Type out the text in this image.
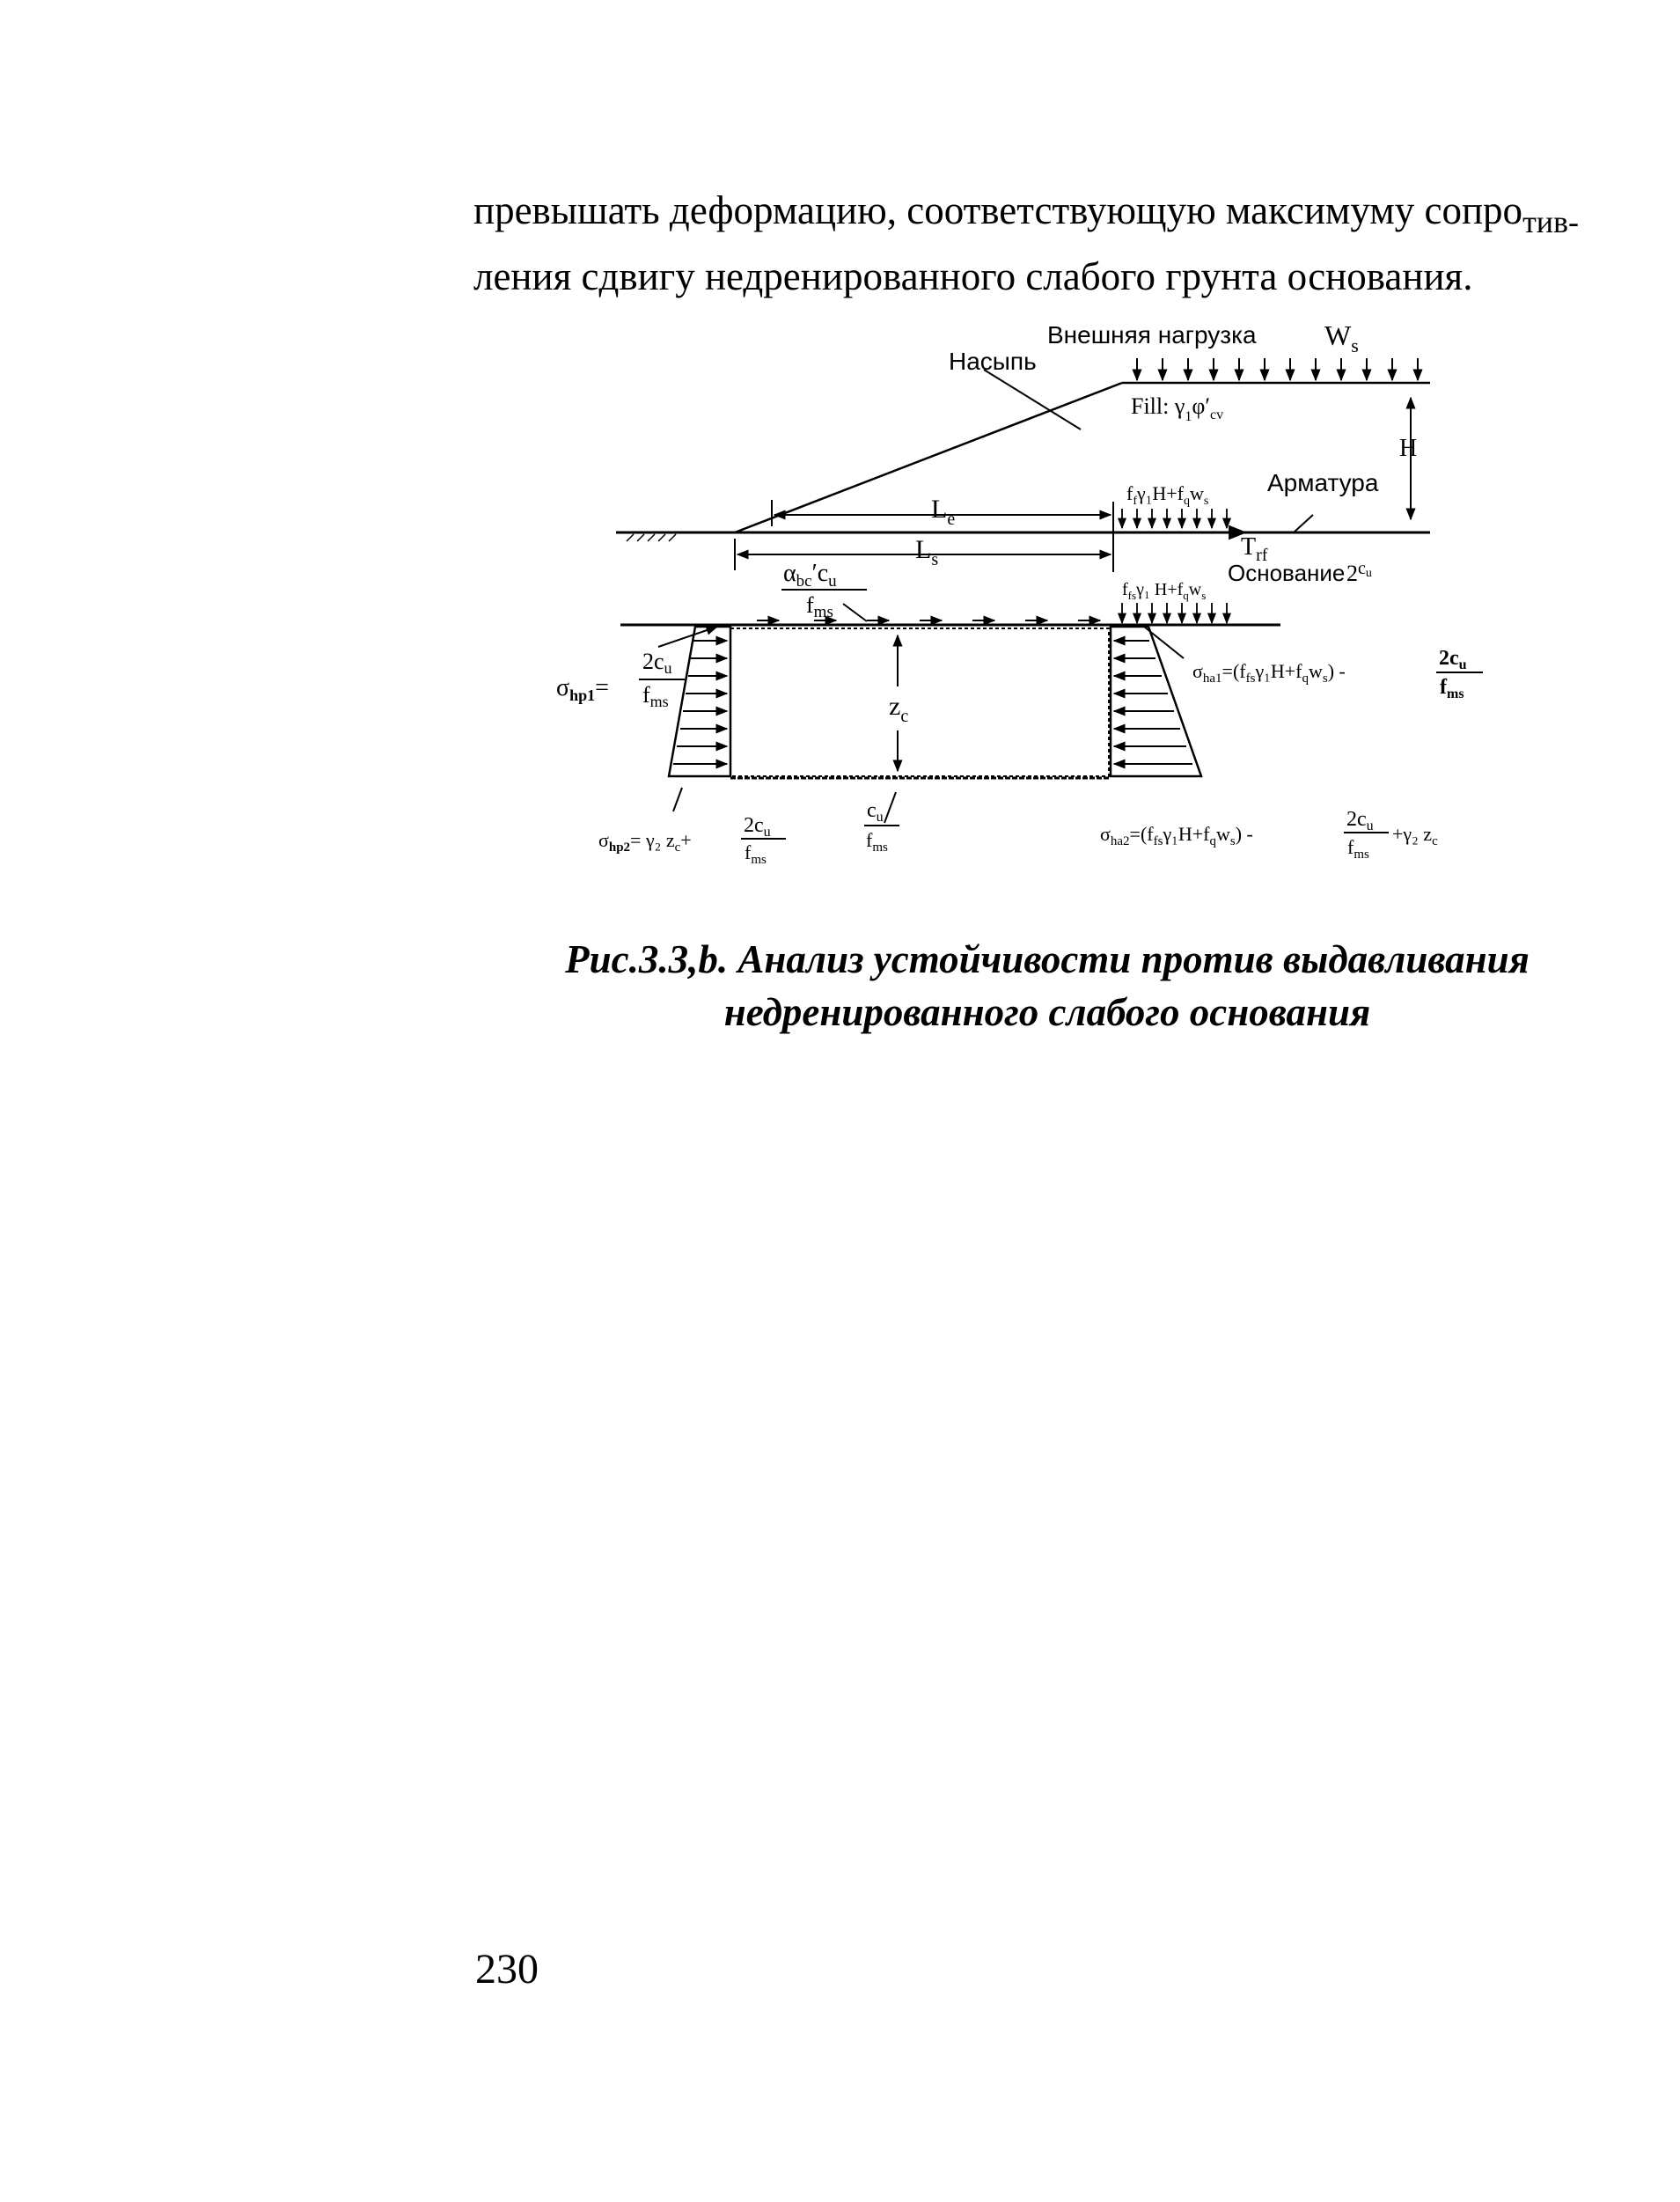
превышать деформацию, соответствующую максимуму сопро$_{тив-}$
ления сдвигу недренированного слабого грунта основания.

Внешняя нагрузка $W_s$
Насыпь
Fill: $\gamma_1\varphi'_{cv}$
H
Арматура
$L_e$
$L_s$
$f_f\gamma_1H+f_qw_s$
$T_{rf}$
Основание 2$^c$u
$f_{fs}\gamma_1$ $H+f_qw_s$
$\alpha_{bc}'c_u$
fms
$z_c$
$\sigma_{hp1}=$
2cu
fms
$\sigma_{ha1}=(f_{fs}\gamma_1H+f_qw_s)$ -
$2c_u$
$f_{ms}$
$\sigma_{hp2}= \gamma_2$ $z_c+$
$2c_u$
$f_{ms}$
$c_u$
$f_{ms}$
$\sigma_{ha2}=(f_{fs}\gamma_1H+f_qw_s)$ -
$2c_u$
$f_{ms}$
+γ₂ $z_c$

Рис.3.3,b. Анализ устойчивости против выдавливания
недренированного слабого основания

230
